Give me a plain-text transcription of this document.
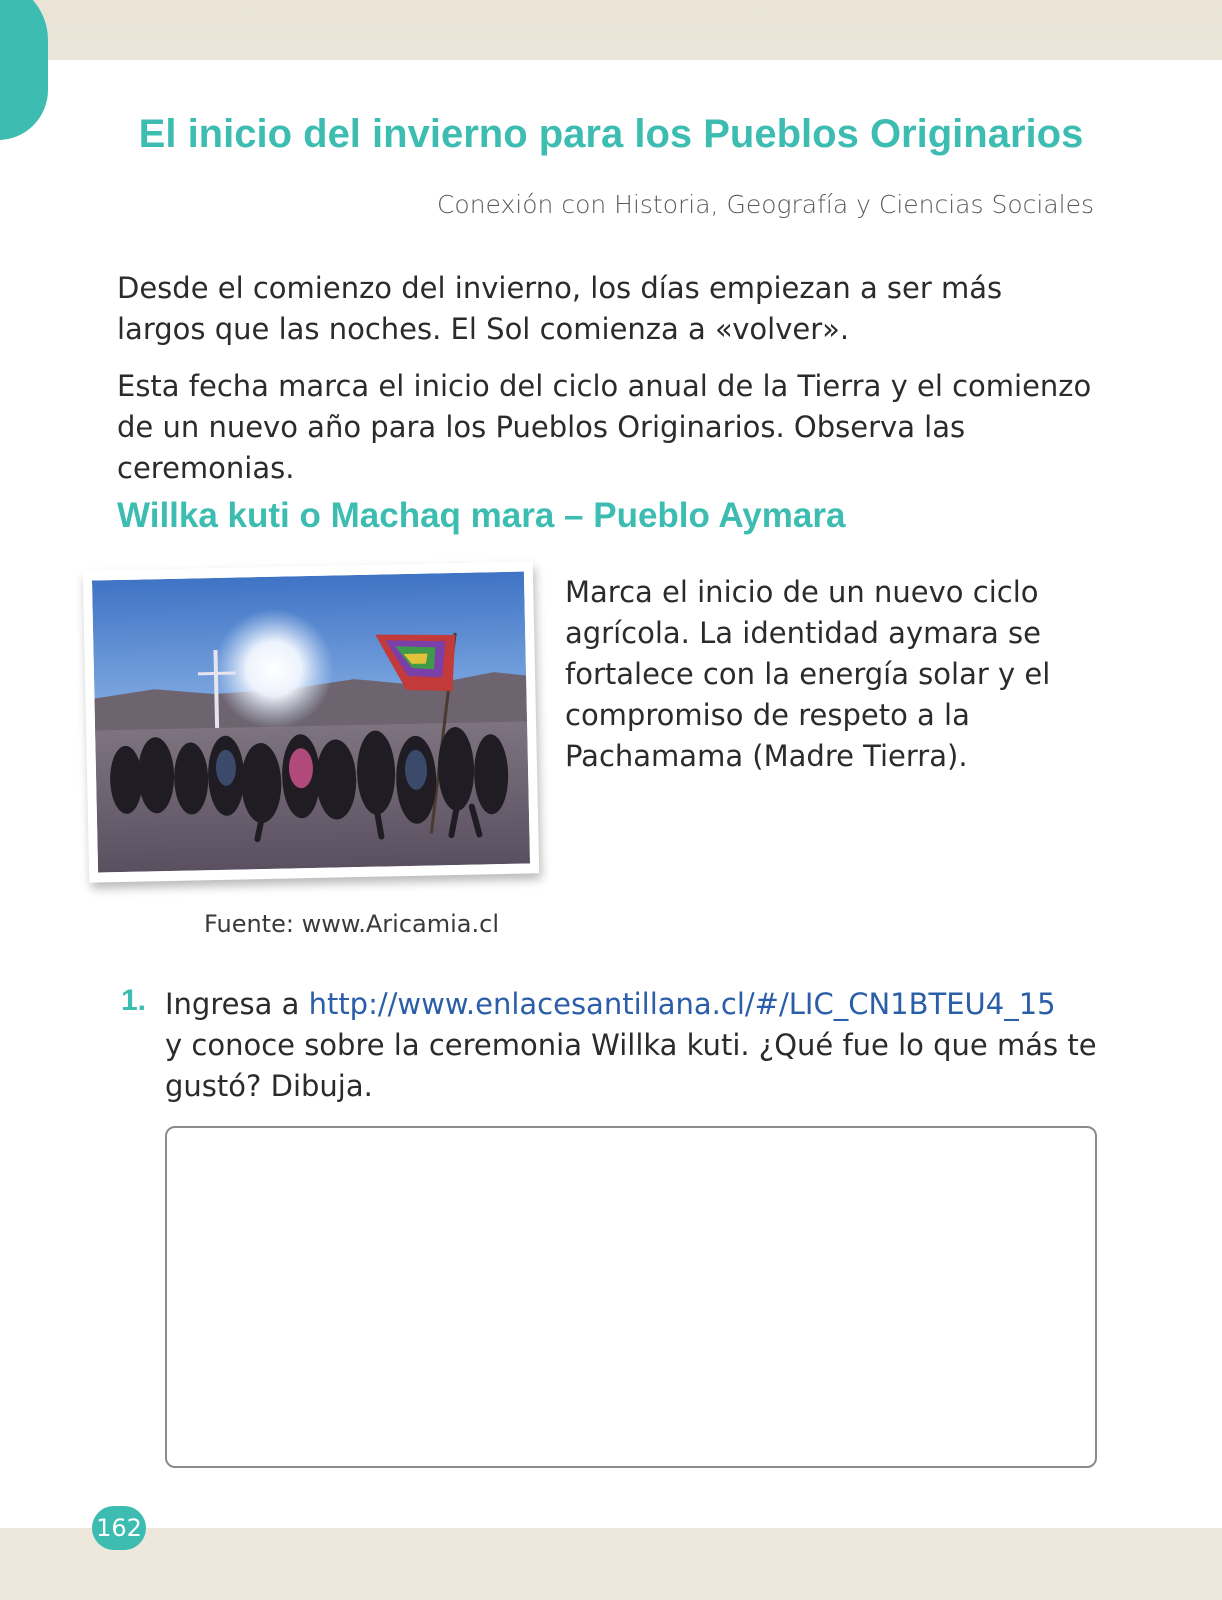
El inicio del invierno para los Pueblos Originarios

Conexión con Historia, Geografía y Ciencias Sociales

Desde el comienzo del invierno, los días empiezan a ser más largos que las noches. El Sol comienza a «volver».

Esta fecha marca el inicio del ciclo anual de la Tierra y el comienzo de un nuevo año para los Pueblos Originarios. Observa las ceremonias.

Willka kuti o Machaq mara – Pueblo Aymara

Marca el inicio de un nuevo ciclo agrícola. La identidad aymara se fortalece con la energía solar y el compromiso de respeto a la Pachamama (Madre Tierra).

Fuente: www.Aricamia.cl

1. Ingresa a http://www.enlacesantillana.cl/#/LIC_CN1BTEU4_15
y conoce sobre la ceremonia Willka kuti. ¿Qué fue lo que más te gustó? Dibuja.

162
